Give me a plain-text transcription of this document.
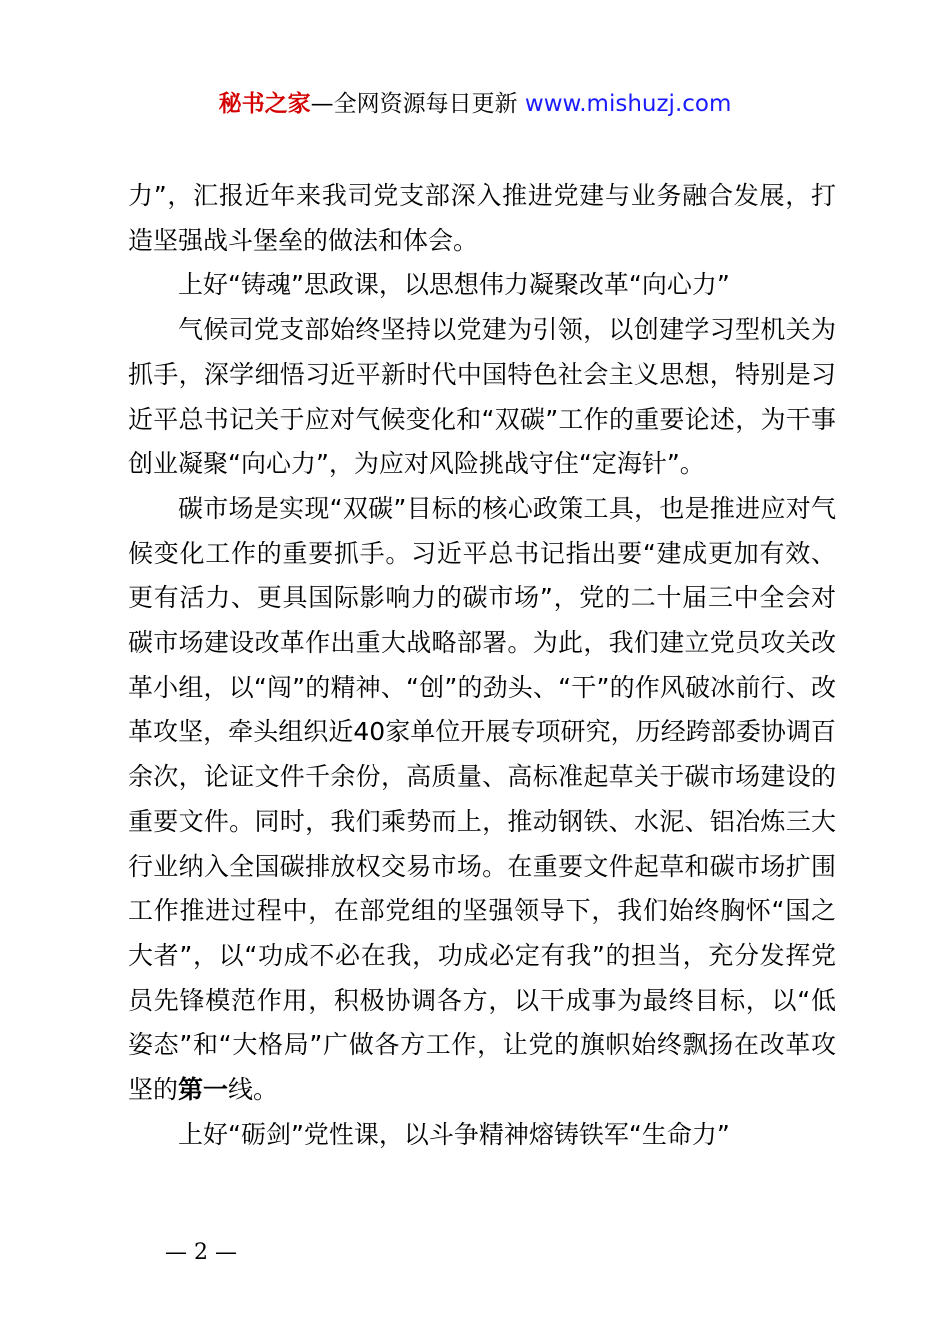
秘书之家—全网资源每日更新 www.mishuzj.com

力”，汇报近年来我司党支部深入推进党建与业务融合发展，打造坚强战斗堡垒的做法和体会。

上好“铸魂”思政课，以思想伟力凝聚改革“向心力”

气候司党支部始终坚持以党建为引领，以创建学习型机关为抓手，深学细悟习近平新时代中国特色社会主义思想，特别是习近平总书记关于应对气候变化和“双碳”工作的重要论述，为干事创业凝聚“向心力”，为应对风险挑战守住“定海针”。

碳市场是实现“双碳”目标的核心政策工具，也是推进应对气候变化工作的重要抓手。习近平总书记指出要“建成更加有效、更有活力、更具国际影响力的碳市场”，党的二十届三中全会对碳市场建设改革作出重大战略部署。为此，我们建立党员攻关改革小组，以“闯”的精神、“创”的劲头、“干”的作风破冰前行、改革攻坚，牵头组织近40家单位开展专项研究，历经跨部委协调百余次，论证文件千余份，高质量、高标准起草关于碳市场建设的重要文件。同时，我们乘势而上，推动钢铁、水泥、铝冶炼三大行业纳入全国碳排放权交易市场。在重要文件起草和碳市场扩围工作推进过程中，在部党组的坚强领导下，我们始终胸怀“国之大者”，以“功成不必在我，功成必定有我”的担当，充分发挥党员先锋模范作用，积极协调各方，以干成事为最终目标，以“低姿态”和“大格局”广做各方工作，让党的旗帜始终飘扬在改革攻坚的第一线。

上好“砺剑”党性课，以斗争精神熔铸铁军“生命力”

— 2 —
